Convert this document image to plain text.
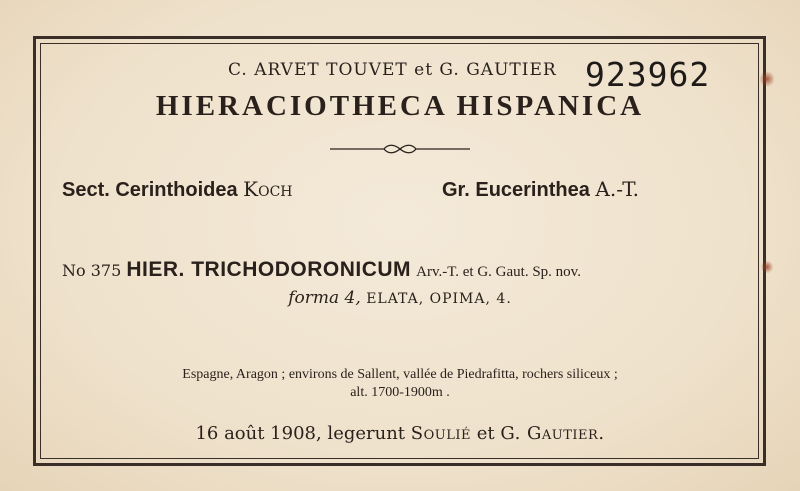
C. ARVET TOUVET et G. GAUTIER 923962
HIERACIOTHECA HISPANICA
Sect. Cerinthoidea Koch	Gr. Eucerinthea A.-T.
No 375 HIER. TRICHODORONICUM Arv.-T. et G. Gaut. Sp. nov.
forma 4, ELATA, OPIMA, 4.
Espagne, Aragon ; environs de Sallent, vallée de Piedrafitta, rochers siliceux ;
alt. 1700-1900m .
16 août 1908, legerunt Soulié et G. Gautier.
